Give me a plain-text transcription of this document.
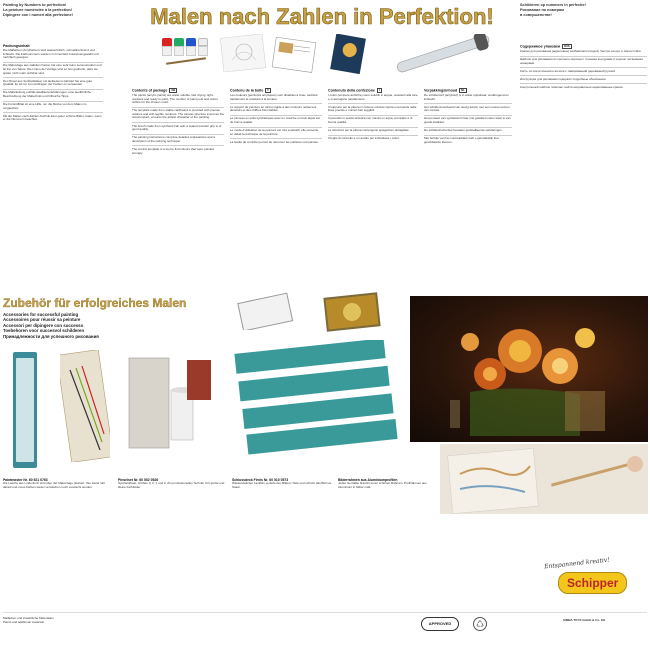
Painting by Numbers to perfection!
La peinture numérotée à la perfection!
Dipingere con i numeri alla perfezione!	Malen nach Zahlen in Perfektion!	Schilderen op nummers in perfectie!
Рисование по номерам
в совершенстве!
Packungsinhalt

Die Malfarben (Acrylfarben) sind wasserlöslich, schnelltrocknend und lichtecht. Die Farbnummern werden im Innenfeld zusammengestellt und mehrfach geeignet.

Die Malvorlage aus stabilem Karton hat eine sehr feine Leinenstruktur und ist frei von Säure. Die Linien der Vorlage sind so fein gedruckt, dass sie später nicht mehr sichtbar sind.

Der Pinsel aus Synthetikfaser mit lackiertem Holzstiel hat eine gute Qualität. Er ist nur zum Auftragen der Farben zu verwenden.

Die Malanleitung enthält detaillierte Erklärungen, eine ausführliche Beschreibung der Maltechnik und hilfreiche Tipps.

Die Kontrollblatt ist eine Hilfe, um die Motive vor dem Malen zu vergleichen.

Mit der Malen-nach-Zahlen-Technik kann jeder schöne Bilder malen, wenn er die Nummern beachtet.

Contents of package GB

The paints (acrylic paints) are water soluble, fast drying, light-resistant and ready to paint. The number of paint pots and colors suffice for the chosen motif.

The template made from stable cardboard is provided with precise outlines and with legible numbers. The canvas structure improves the visual impact, ensures the artistic character of the painting.

The brush made from synthetic hair with a coated wooden grip is of good quality.

The painting instructions comprise detailed explanations and a description of the painting technique.

The control template is a tool to find colours that were painted wrongly.

Contenu de la boîte F

Les couleurs (peintures acryliques) sont diluables à l'eau, séchant rapidement et résistant à la lumière.

Le support de peinture en carton rigide à des contours nettement dessinés et des chiffres bien lisibles.

Le pinceau en poils synthétiques avec un manche en bois laqué est de bonne qualité.

Le mode d'utilisation de la peinture est très explicatif, elle présente en détail la technique de la peinture.

La feuille de contrôle permet de retrouver les surfaces mal peintes.

Contenuto della confezione I

I colori (tempere acriliche) sono solubili in acqua, resistenti alla luce e si asciugano rapidamente.

Il supporto per la pittura in cartone robusto riporta una traccia delle linee precise e numeri ben leggibili.

Il pennello in setola sintetica con manico in legno verniciato è di buona qualità.

Le istruzioni per la pittura contengono spiegazioni dettagliate.

Il foglio di controllo è un ausilio per individuare i colori.

Verpakkingsinhoud NL

De schilderverf (acrylverf) is in water oplosbaar, sneldrogend en lichtecht.

Het schildersvoorbeeld van stevig karton met een ruwere textuur van canvas.

Het penseel van synthetisch haar met gelakte houten steel is van goede kwaliteit.

De schilderinstructies bevatten gedetailleerde verklaringen.

Met behulp van het controleblad vindt u gemakkelijk fout geschilderde kleuren.

Содержимое упаковки RUS

Краски для рисования (акриловые) разбавляются водой, быстро сохнут и светостойки.

Шаблон для рисования из прочного картона с точными контурами и хорошо читаемыми номерами.

Кисть из синтетического волоса с лакированной деревянной ручкой.

Инструкция для рисования содержит подробные объяснения.

Контрольный шаблон помогает найти неправильно нарисованные краски.

Zubehör für erfolgreiches Malen
Accessories for successful painting
Accessoires pour réussir sa peinture
Accessori per dipingere con successo
Toebehoren voor succesvol schilderen
Принадлежности для успешного рисования
Paintmaster Nr. 60 521 0763

Die Lasche aus Lindenholz wird über der Malvorlage platziert. Ihre Hand ruht darauf und muss Farben weder verwischen noch verwischt werden.

Pinselset Nr. 60 502 0526

Synthetikhaar, Größen 0, 2, 1 und 3. Zur professionellen Technik. Für große und kleine Farbfelder.

Schlussdeck Firnis Nr. 60 510 0573

Wasserlöslicher Lackfilm verleiht den Bildern Tiefe und schützt das Bild vor Staub.

Bilderrahmen aus Aluminiumprofilen

Jedes Gemälde braucht einen schönen Rahmen. Profilrahmen aus Aluminium in Silber matt.

Entspannend kreativ!
Schipper
Malfarben und Zusätzliche Materialien
Paints and additional materials	APPROVED	♺	SIMBA TOYS GmbH & Co. KG
